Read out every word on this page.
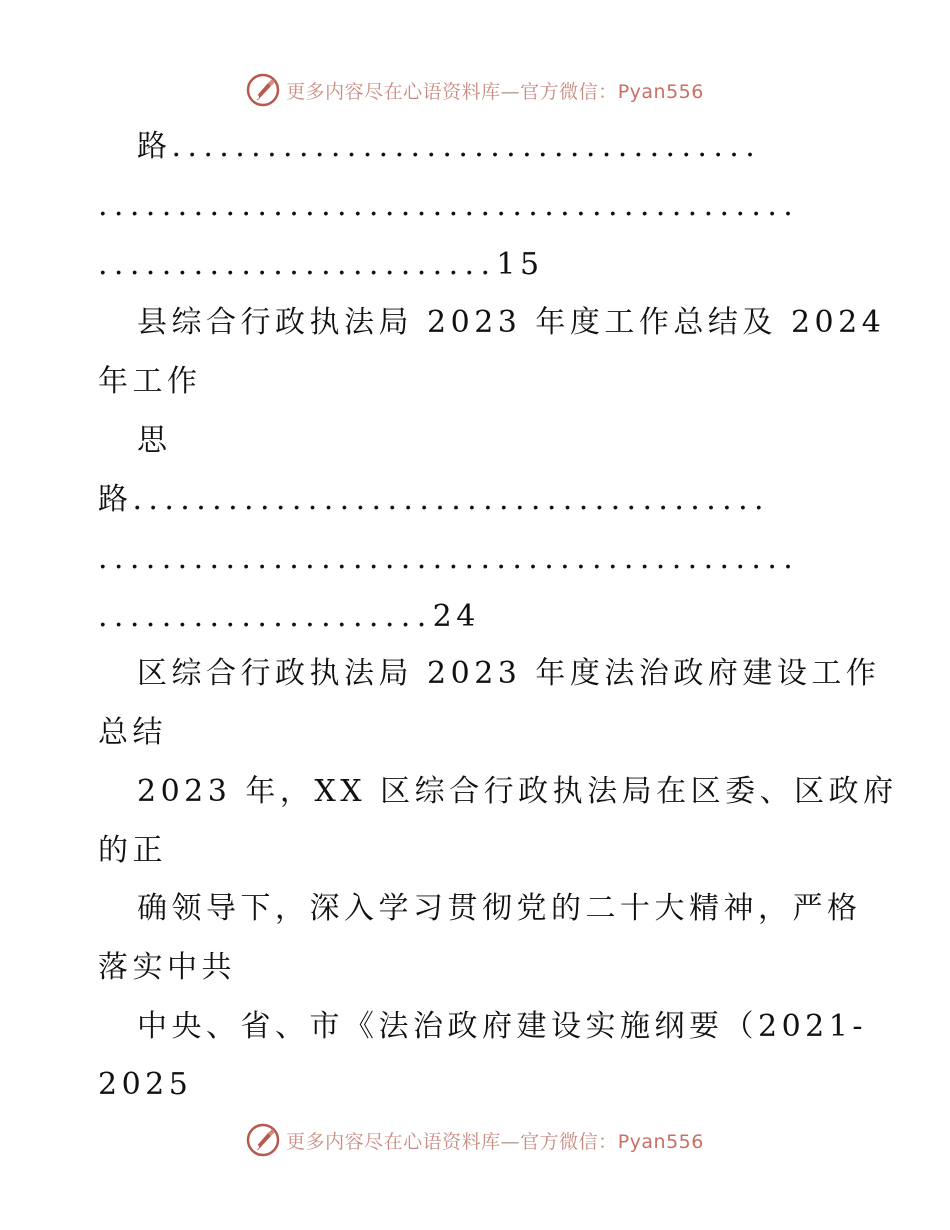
更多内容尽在心语资料库—官方微信：Pyan556
路.....................................
............................................
.........................15
县综合行政执法局 2023 年度工作总结及 2024
年工作
思
路........................................
............................................
.....................24
区综合行政执法局 2023 年度法治政府建设工作
总结
2023 年，XX 区综合行政执法局在区委、区政府
的正
确领导下，深入学习贯彻党的二十大精神，严格
落实中共
中央、省、市《法治政府建设实施纲要（2021-
2025
更多内容尽在心语资料库—官方微信：Pyan556
